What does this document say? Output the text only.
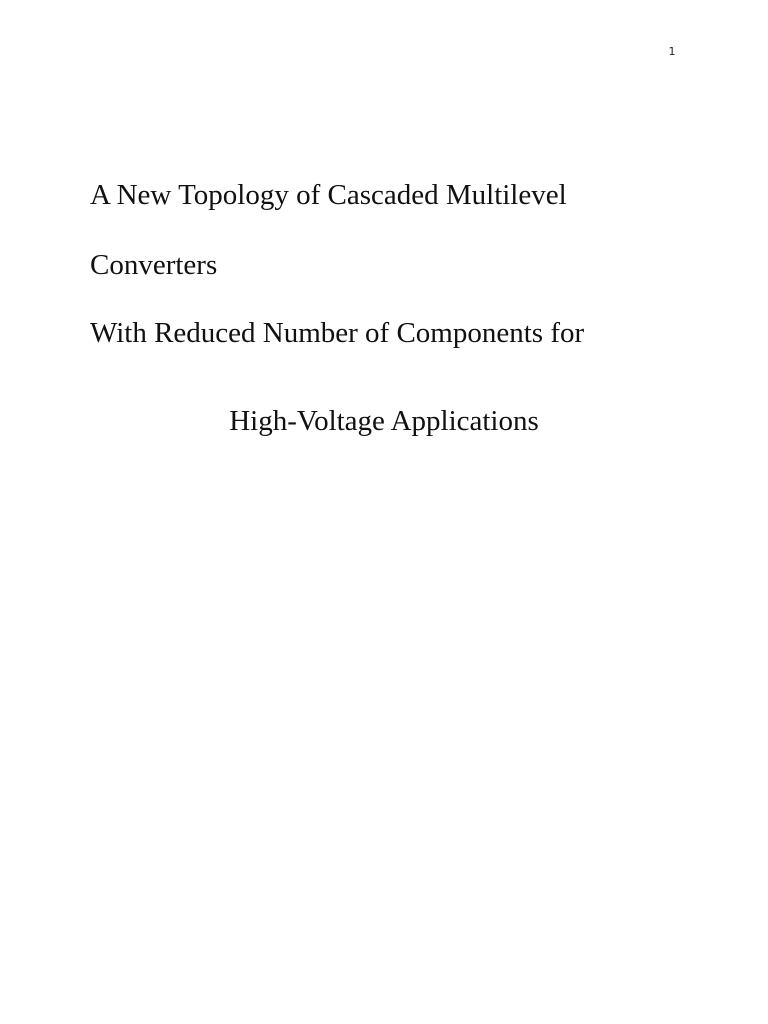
1
A New Topology of Cascaded Multilevel
Converters
With Reduced Number of Components for
High-Voltage Applications
